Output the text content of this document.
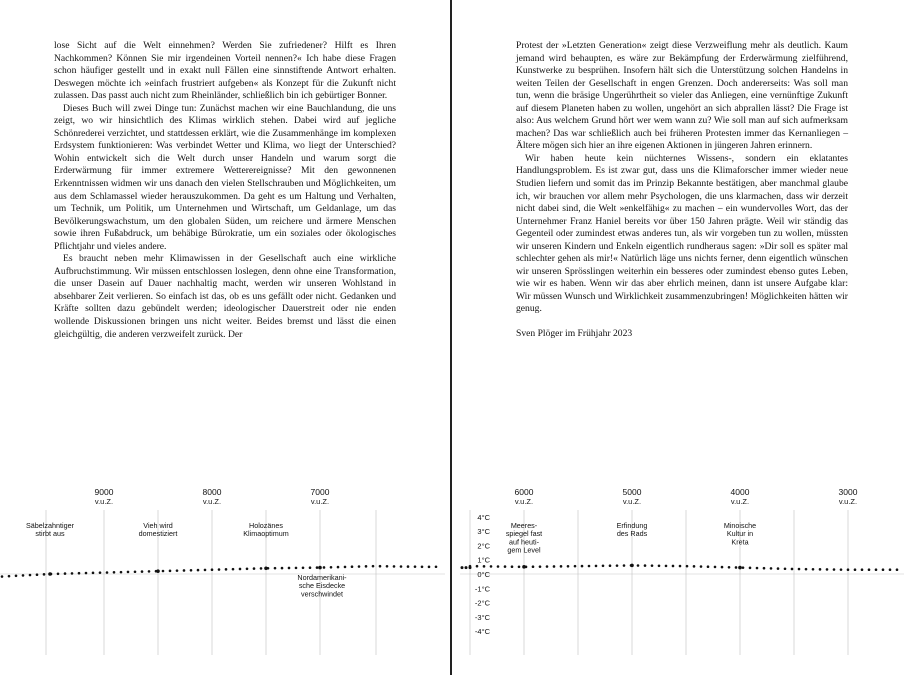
lose Sicht auf die Welt einnehmen? Werden Sie zufriedener? Hilft es Ihren Nachkommen? Können Sie mir irgendeinen Vorteil nennen?« Ich habe diese Fragen schon häufiger gestellt und in exakt null Fällen eine sinnstiftende Antwort erhalten. Deswegen möchte ich »einfach frustriert aufgeben« als Konzept für die Zukunft nicht zulassen. Das passt auch nicht zum Rheinländer, schließlich bin ich gebürtiger Bonner.

Dieses Buch will zwei Dinge tun: Zunächst machen wir eine Bauchlandung, die uns zeigt, wo wir hinsichtlich des Klimas wirklich stehen. Dabei wird auf jegliche Schönrederei verzichtet, und stattdessen erklärt, wie die Zusammenhänge im komplexen Erdsystem funktionieren: Was verbindet Wetter und Klima, wo liegt der Unterschied? Wohin entwickelt sich die Welt durch unser Handeln und warum sorgt die Erderwärmung für immer extremere Wetterereignisse? Mit den gewonnenen Erkenntnissen widmen wir uns danach den vielen Stellschrauben und Möglichkeiten, um aus dem Schlamassel wieder herauszukommen. Da geht es um Haltung und Verhalten, um Technik, um Politik, um Unternehmen und Wirtschaft, um Geldanlage, um das Bevölkerungswachstum, um den globalen Süden, um reichere und ärmere Menschen sowie ihren Fußabdruck, um behäbige Bürokratie, um ein soziales oder ökologisches Pflichtjahr und vieles andere.

Es braucht neben mehr Klimawissen in der Gesellschaft auch eine wirkliche Aufbruchstimmung. Wir müssen entschlossen loslegen, denn ohne eine Transformation, die unser Dasein auf Dauer nachhaltig macht, werden wir unseren Wohlstand in absehbarer Zeit verlieren. So einfach ist das, ob es uns gefällt oder nicht. Gedanken und Kräfte sollten dazu gebündelt werden; ideologischer Dauerstreit oder nie enden wollende Diskussionen bringen uns nicht weiter. Beides bremst und lässt die einen gleichgültig, die anderen verzweifelt zurück. Der

Protest der »Letzten Generation« zeigt diese Verzweiflung mehr als deutlich. Kaum jemand wird behaupten, es wäre zur Bekämpfung der Erderwärmung zielführend, Kunstwerke zu besprühen. Insofern hält sich die Unterstützung solchen Handelns in weiten Teilen der Gesellschaft in engen Grenzen. Doch andererseits: Was soll man tun, wenn die bräsige Ungerührtheit so vieler das Anliegen, eine vernünftige Zukunft auf diesem Planeten haben zu wollen, ungehört an sich abprallen lässt? Die Frage ist also: Aus welchem Grund hört wer wem wann zu? Wie soll man auf sich aufmerksam machen? Das war schließlich auch bei früheren Protesten immer das Kernanliegen – Ältere mögen sich hier an ihre eigenen Aktionen in jüngeren Jahren erinnern.

Wir haben heute kein nüchternes Wissens-, sondern ein eklatantes Handlungsproblem. Es ist zwar gut, dass uns die Klimaforscher immer wieder neue Studien liefern und somit das im Prinzip Bekannte bestätigen, aber manchmal glaube ich, wir brauchen vor allem mehr Psychologen, die uns klarmachen, dass wir derzeit nicht dabei sind, die Welt »enkelfähig« zu machen – ein wundervolles Wort, das der Unternehmer Franz Haniel bereits vor über 150 Jahren prägte. Weil wir ständig das Gegenteil oder zumindest etwas anderes tun, als wir vorgeben tun zu wollen, müssten wir unseren Kindern und Enkeln eigentlich rundheraus sagen: »Dir soll es später mal schlechter gehen als mir!« Natürlich läge uns nichts ferner, denn eigentlich wünschen wir unseren Sprösslingen weiterhin ein besseres oder zumindest ebenso gutes Leben, wie wir es haben. Wenn wir das aber ehrlich meinen, dann ist unsere Aufgabe klar: Wir müssen Wunsch und Wirklichkeit zusammenzubringen! Möglichkeiten hätten wir genug.

Sven Plöger im Frühjahr 2023

9000
v.u.Z.
8000
v.u.Z.
7000
v.u.Z.
6000
v.u.Z.
5000
v.u.Z.
4000
v.u.Z.
3000
v.u.Z.
4°C
3°C
2°C
1°C
0°C
-1°C
-2°C
-3°C
-4°C
Säbelzahntiger
stirbt aus
Vieh wird
domestiziert
Holozänes
Klimaoptimum
Nordamerikani-
sche Eisdecke
verschwindet
Meeres-
spiegel fast
auf heuti-
gem Level
Erfindung
des Rads
Minoische
Kultur in
Kreta
